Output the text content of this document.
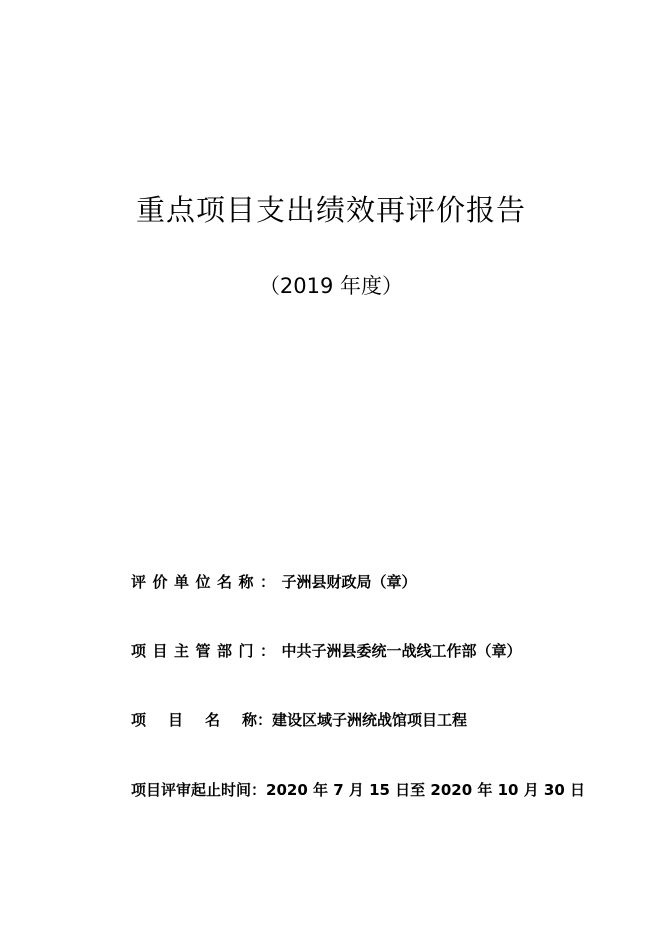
重点项目支出绩效再评价报告
（2019 年度）
评价单位名称：子洲县财政局（章）
项目主管部门：中共子洲县委统一战线工作部（章）
项 目 名 称：建设区域子洲统战馆项目工程
项目评审起止时间：2020 年 7 月 15 日至 2020 年 10 月 30 日
